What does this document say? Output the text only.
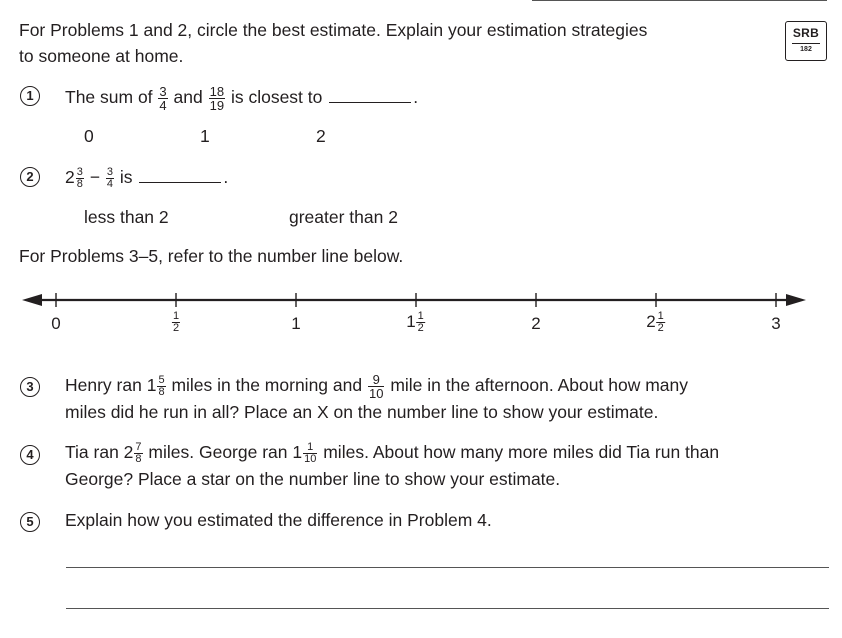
For Problems 1 and 2, circle the best estimate. Explain your estimation strategies
to someone at home.
SRB
182
1	The sum of $\frac{3}{4}$ and $\frac{18}{19}$ is closest to	.
0	1	2
2	$2 \frac{3}{8} - \frac{3}{4}$ is	.
less than 2	greater than 2
For Problems 3–5, refer to the number line below.
0	$\frac{1}{2}$	1	$1 \frac{1}{2}$	2	$2 \frac{1}{2}$	3
3	Henry ran $1 \frac{5}{8}$ miles in the morning and $\frac{9}{10}$ mile in the afternoon. About how many
miles did he run in all? Place an X on the number line to show your estimate.
4	Tia ran $2 \frac{7}{8}$ miles. George ran $1 \frac{1}{10}$ miles. About how many more miles did Tia run than
George? Place a star on the number line to show your estimate.
5	Explain how you estimated the difference in Problem 4.
